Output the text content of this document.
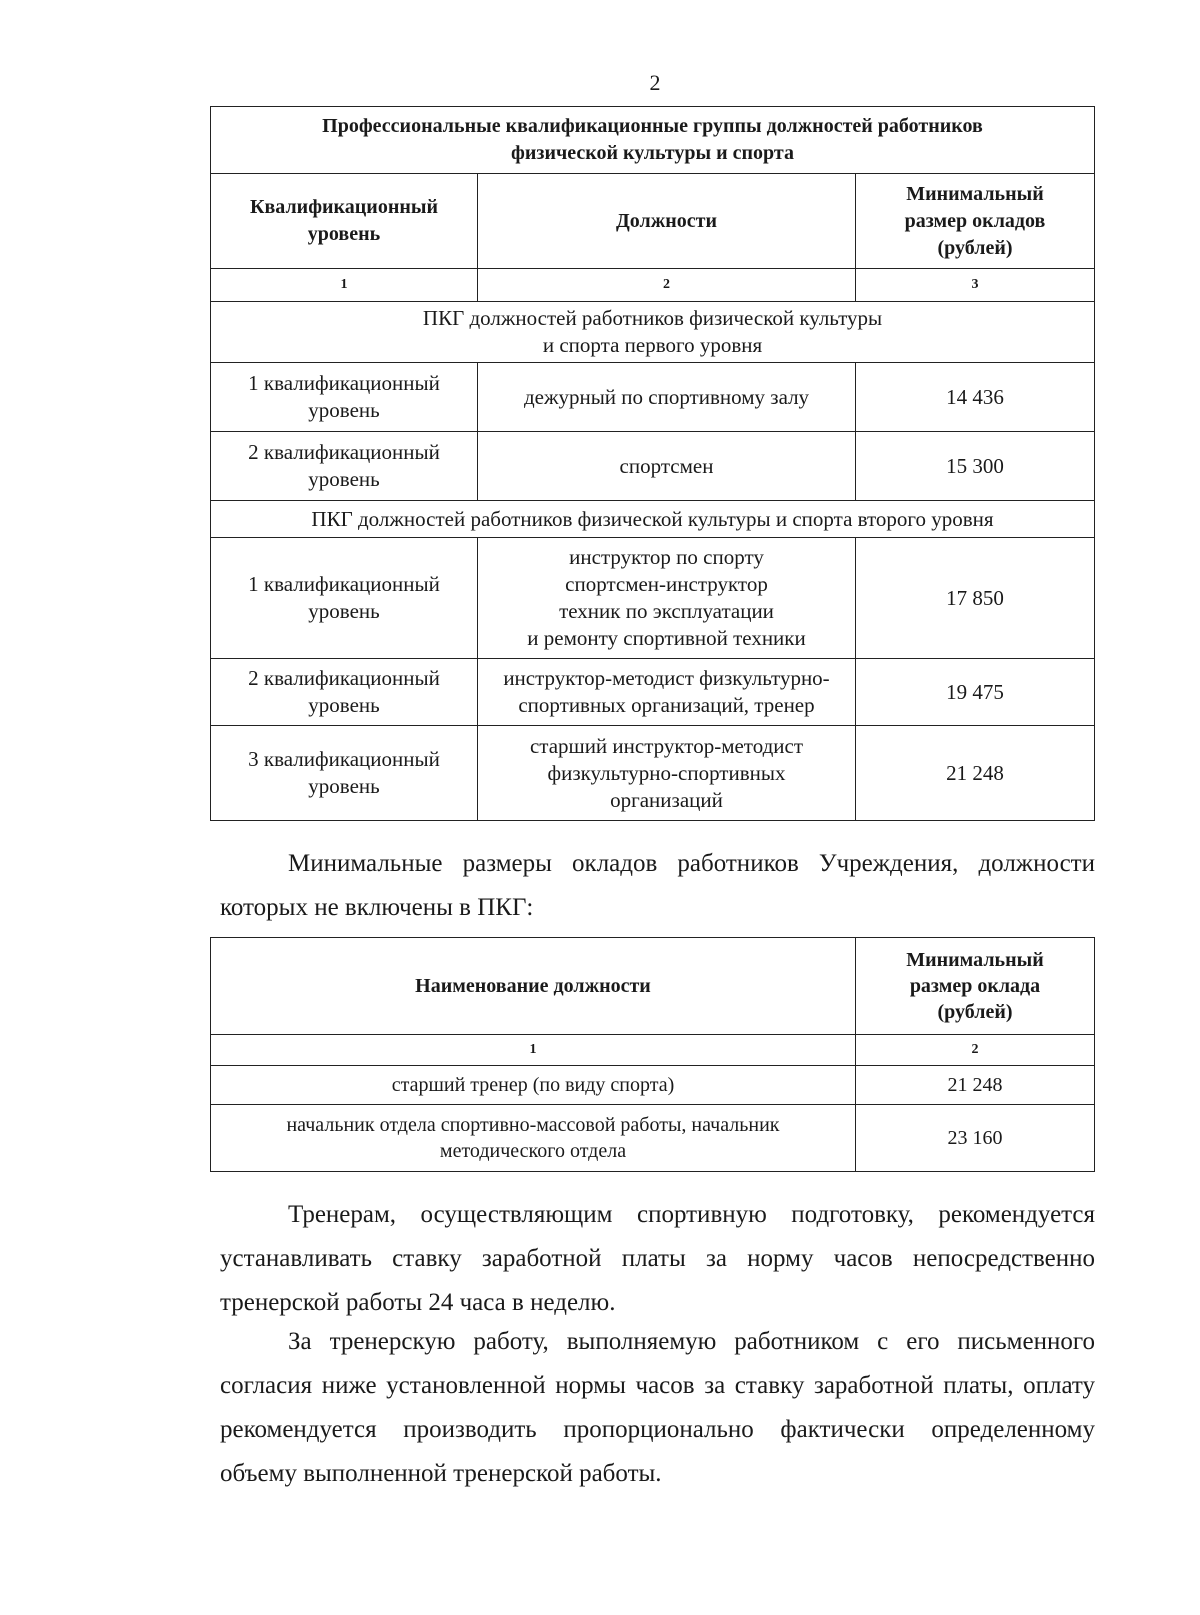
2
Профессиональные квалификационные группы должностей работников
физической культуры и спорта		
Квалификационный
уровень	Должности	Минимальный
размер окладов
(рублей)
1	2	3
ПКГ должностей работников физической культуры
и спорта первого уровня		
1 квалификационный
уровень	дежурный по спортивному залу	14 436
2 квалификационный
уровень	спортсмен	15 300
ПКГ должностей работников физической культуры и спорта второго уровня		
1 квалификационный
уровень	инструктор по спорту
спортсмен-инструктор
техник по эксплуатации
и ремонту спортивной техники	17 850
2 квалификационный
уровень	инструктор-методист физкультурно-
спортивных организаций, тренер	19 475
3 квалификационный
уровень	старший инструктор-методист
физкультурно-спортивных
организаций	21 248
Минимальные размеры окладов работников Учреждения, должности которых не включены в ПКГ:
Наименование должности	Минимальный
размер оклада
(рублей)
1	2
старший тренер (по виду спорта)	21 248
начальник отдела спортивно-массовой работы, начальник
методического отдела	23 160
Тренерам, осуществляющим спортивную подготовку, рекомендуется устанавливать ставку заработной платы за норму часов непосредственно тренерской работы 24 часа в неделю.
За тренерскую работу, выполняемую работником с его письменного согласия ниже установленной нормы часов за ставку заработной платы, оплату рекомендуется производить пропорционально фактически определенному объему выполненной тренерской работы.
